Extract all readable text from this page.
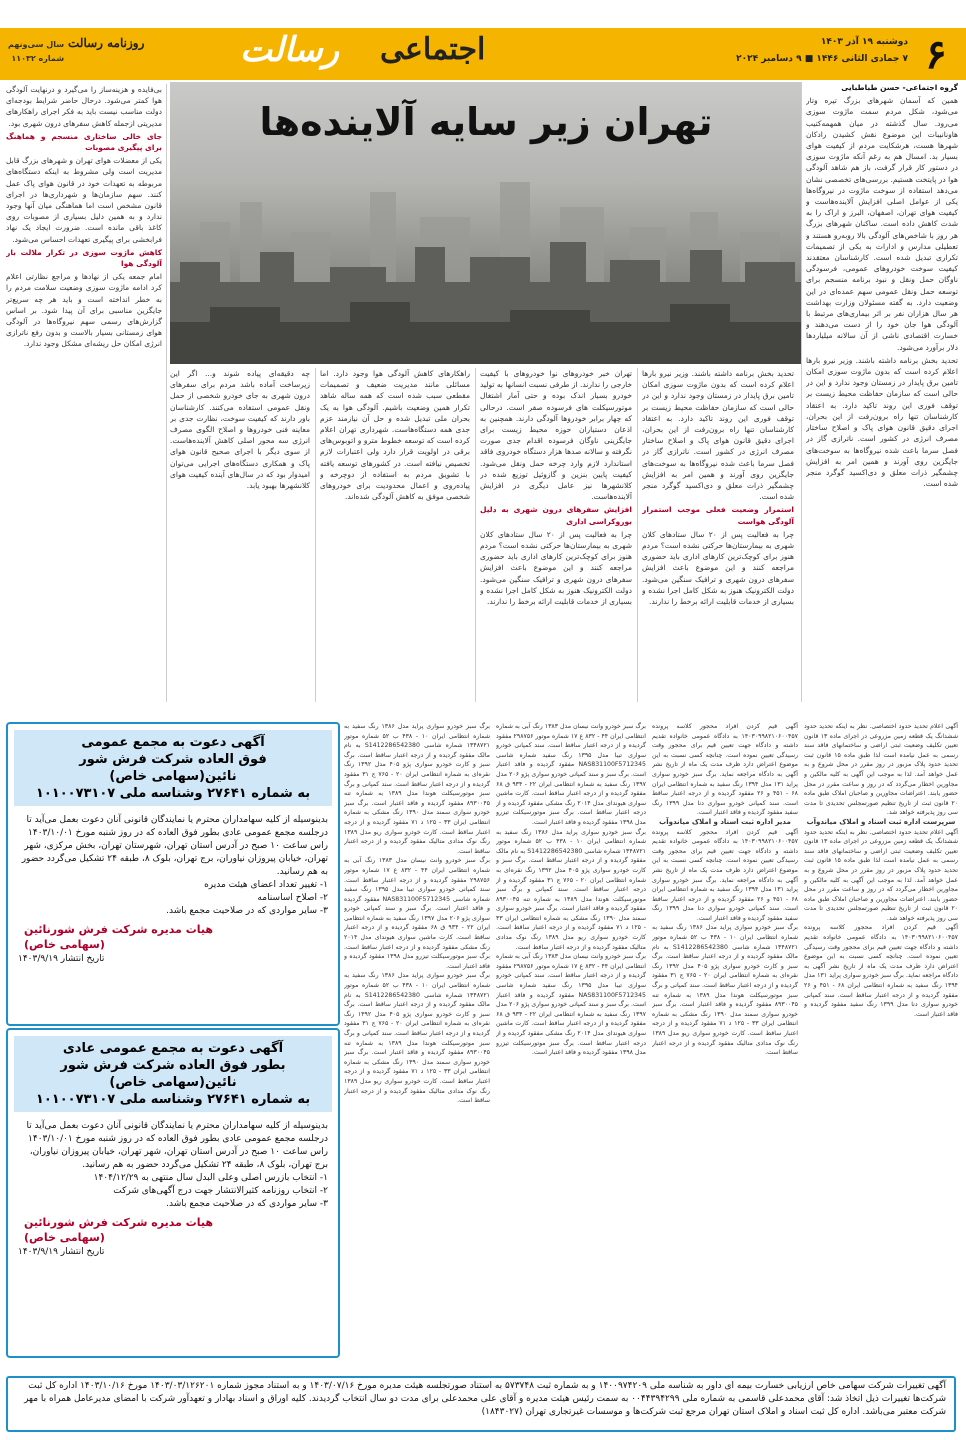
۶
دوشنبه ۱۹ آذر ۱۴۰۳
۷ جمادی الثانی ۱۴۴۶ ■ ۹ دسامبر ۲۰۲۴
اجتماعی
رسالت
روزنامه رسالت
سال سی‌ونهم
شماره ۱۱۰۳۲
تهران زیر سایه آلاینده‌ها

گروه اجتماعی- حسن طباطبایی

همین که آسمان شهرهای بزرگ تیره وتار می‌شود، شکل مردم سمت ماژوت سوزی می‌رود. سال گذشته در میان همهمه‌کتیب هاونانیبات این موضوع نقش کشیدن رادکان شهرها هست، هرشکایت مردم از کیفیت هوای بسیار بد. امسال هم به رغم آنکه ماژوت سوزی در دستور کار قرار گرفت، باز هم شاهد آلودگی هوا در پایتخت هستیم. بررسی‌های تخصصی نشان می‌دهد استفاده از سوخت ماژوت در نیروگاه‌ها یکی از عوامل اصلی افزایش آلاینده‌هاست و کیفیت هوای تهران، اصفهان، البرز و اراک را به شدت کاهش داده است. ساکنان شهرهای بزرگ هر روز با شاخص‌های آلودگی بالا روبه‌رو هستند و تعطیلی مدارس و ادارات به یکی از تصمیمات تکراری تبدیل شده است. کارشناسان معتقدند کیفیت سوخت خودروهای عمومی، فرسودگی ناوگان حمل ونقل و نبود برنامه منسجم برای توسعه حمل ونقل عمومی سهم عمده‌ای در این وضعیت دارد. به گفته مسئولان وزارت بهداشت هر سال هزاران نفر بر اثر بیماری‌های مرتبط با آلودگی هوا جان خود را از دست می‌دهند و خسارت اقتصادی ناشی از آن سالانه میلیاردها دلار برآورد می‌شود.

تحدید بخش برنامه داشته باشند. وزیر نیرو بارها اعلام کرده است که بدون ماژوت سوزی امکان تامین برق پایدار در زمستان وجود ندارد و این در حالی است که سازمان حفاظت محیط زیست بر توقف فوری این روند تاکید دارد. به اعتقاد کارشناسان تنها راه برون‌رفت از این بحران، اجرای دقیق قانون هوای پاک و اصلاح ساختار مصرف انرژی در کشور است. ناترازی گاز در فصل سرما باعث شده نیروگاه‌ها به سوخت‌های جایگزین روی آورند و همین امر به افزایش چشمگیر ذرات معلق و دی‌اکسید گوگرد منجر شده است.

تحدید بخش برنامه داشته باشند. وزیر نیرو بارها اعلام کرده است که بدون ماژوت سوزی امکان تامین برق پایدار در زمستان وجود ندارد و این در حالی است که سازمان حفاظت محیط زیست بر توقف فوری این روند تاکید دارد. به اعتقاد کارشناسان تنها راه برون‌رفت از این بحران، اجرای دقیق قانون هوای پاک و اصلاح ساختار مصرف انرژی در کشور است. ناترازی گاز در فصل سرما باعث شده نیروگاه‌ها به سوخت‌های جایگزین روی آورند و همین امر به افزایش چشمگیر ذرات معلق و دی‌اکسید گوگرد منجر شده است.

استمرار وضعیت فعلی موجب استمرار آلودگی هواست

چرا به فعالیت پس از ۲۰ سال ستادهای کلان شهری به بیمارستان‌ها حرکتی نشده است؟ مردم هنوز برای کوچک‌ترین کارهای اداری باید حضوری مراجعه کنند و این موضوع باعث افزایش سفرهای درون شهری و ترافیک سنگین می‌شود. دولت الکترونیک هنوز به شکل کامل اجرا نشده و بسیاری از خدمات قابلیت ارائه برخط را ندارند.

تهران خبر خودروهای نوا خودروهای با کیفیت خارجی را ندارند. از طرفی نسبت انسانها به تولید خودرو بسیار اندک بوده و حتی آمار اشتغال موتورسیکلت های فرسوده صفر است. درحالی که چهار برابر خودروها آلودگی دارند. همچنین به اذعان دستیاران حوزه محیط زیست برای جایگزینی ناوگان فرسوده اقدام جدی صورت نگرفته و سالانه صدها هزار دستگاه خودروی فاقد استاندارد لازم وارد چرخه حمل ونقل می‌شود. کیفیت پایین بنزین و گازوئیل توزیع شده در کلانشهرها نیز عامل دیگری در افزایش آلاینده‌هاست.

افزایش سفرهای درون شهری به دلیل بوروکراسی اداری

چرا به فعالیت پس از ۲۰ سال ستادهای کلان شهری به بیمارستان‌ها حرکتی نشده است؟ مردم هنوز برای کوچک‌ترین کارهای اداری باید حضوری مراجعه کنند و این موضوع باعث افزایش سفرهای درون شهری و ترافیک سنگین می‌شود. دولت الکترونیک هنوز به شکل کامل اجرا نشده و بسیاری از خدمات قابلیت ارائه برخط را ندارند.

راهکارهای کاهش آلودگی هوا وجود دارد. اما مسائلی مانند مدیریت ضعیف و تصمیمات مقطعی سبب شده است که همه ساله شاهد تکرار همین وضعیت باشیم. آلودگی هوا به یک بحران ملی تبدیل شده و حل آن نیازمند عزم جدی همه دستگاه‌هاست. شهرداری تهران اعلام کرده است که توسعه خطوط مترو و اتوبوس‌های برقی در اولویت قرار دارد ولی اعتبارات لازم تخصیص نیافته است. در کشورهای توسعه یافته با تشویق مردم به استفاده از دوچرخه و پیاده‌روی و اعمال محدودیت برای خودروهای شخصی موفق به کاهش آلودگی شده‌اند.

چه دقیقه‌ای پیاده شوند و... اگر این زیرساخت آماده باشد مردم برای سفرهای درون شهری به جای خودرو شخصی از حمل ونقل عمومی استفاده می‌کنند. کارشناسان باور دارند که کیفیت سوخت، نظارت جدی بر معاینه فنی خودروها و اصلاح الگوی مصرف انرژی سه محور اصلی کاهش آلاینده‌هاست. از سوی دیگر با اجرای صحیح قانون هوای پاک و همکاری دستگاه‌های اجرایی می‌توان امیدوار بود که در سال‌های آینده کیفیت هوای کلانشهرها بهبود یابد.

بی‌فایده و هزینه‌ساز را می‌گیرد و درنهایت آلودگی هوا کمتر می‌شود. درحال حاضر شرایط بودجه‌ای دولت مناسب نیست باید به فکر اجرای راهکارهای مدیریتی ازجمله کاهش سفرهای درون شهری بود.

جای خالی ساختاری منسجم و هماهنگ برای پیگیری مصوبات

یکی از معضلات هوای تهران و شهرهای بزرگ قابل مدیریت است ولی مشروط به اینکه دستگاه‌های مربوطه به تعهدات خود در قانون هوای پاک عمل کنند. سهم سازمان‌ها و شهرداری‌ها در اجرای قانون مشخص است اما هماهنگی میان آنها وجود ندارد و به همین دلیل بسیاری از مصوبات روی کاغذ باقی مانده است. ضرورت ایجاد یک نهاد فرابخشی برای پیگیری تعهدات احساس می‌شود.

کاهش ماژوت سوزی در تکرار ملالت بار آلودگی هوا

امام جمعه یکی از نهادها و مراجع نظارتی اعلام کرد ادامه ماژوت سوزی وضعیت سلامت مردم را به خطر انداخته است و باید هر چه سریع‌تر جایگزین مناسبی برای آن پیدا شود. بر اساس گزارش‌های رسمی سهم نیروگاه‌ها در آلودگی هوای زمستانی بسیار بالاست و بدون رفع ناترازی انرژی امکان حل ریشه‌ای مشکل وجود ندارد.

آگهی دعوت به مجمع عمومی
فوق العاده شرکت فرش شور
نائین(سهامی خاص)
به شماره ۲۷۶۴۱ وشناسه ملی ۱۰۱۰۰۷۳۱۰۷
بدینوسیله از کلیه سهامداران محترم یا نمایندگان قانونی آنان دعوت بعمل می‌آید تا درجلسه مجمع عمومی عادی بطور فوق العاده که در روز شنبه مورخ ۱۴۰۳/۱۰/۰۱ راس ساعت ۱۰ صبح در آدرس استان تهران، شهرستان تهران، بخش مرکزی، شهر تهران، خیابان پیروزان نیاوران، برج تهران، بلوک ۸، طبقه ۲۴ تشکیل می‌گردد حضور به هم رسانید.
۱- تغییر تعداد اعضای هیئت مدیره
۲- اصلاح اساسنامه
۳- سایر مواردی که در صلاحیت مجمع باشد.
هیات مدیره شرکت فرش شورنائین
(سهامی خاص)
تاریخ انتشار ۱۴۰۳/۹/۱۹
آگهی دعوت به مجمع عمومی عادی
بطور فوق العاده شرکت فرش شور
نائین(سهامی خاص)
به شماره ۲۷۶۴۱ وشناسه ملی ۱۰۱۰۰۷۳۱۰۷
بدینوسیله از کلیه سهامداران محترم یا نمایندگان قانونی آنان دعوت بعمل می‌آید تا درجلسه مجمع عمومی عادی بطور فوق العاده که در روز شنبه مورخ ۱۴۰۳/۱۰/۰۱ راس ساعت ۱۰ صبح در آدرس استان تهران، شهر تهران، خیابان پیروزان نیاوران، برج تهران، بلوک ۸، طبقه ۲۴ تشکیل می‌گردد حضور به هم رسانید.
۱- انتخاب بازرس اصلی وعلی البدل سال منتهی به ۱۴۰۴/۱۲/۲۹
۲- انتخاب روزنامه کثیرالانتشار جهت درج آگهی‌های شرکت
۳- سایر مواردی که در صلاحیت مجمع باشد.
هیات مدیره شرکت فرش شورنائین
(سهامی خاص)
تاریخ انتشار ۱۴۰۳/۹/۱۹
برگ سبز خودرو سواری پراید مدل ۱۳۸۶ رنگ سفید به شماره انتظامی ایران ۱۰ - ۴۳۸ ب ۵۲ شماره موتور ۱۳۴۸۷۲۱ شماره شاسی S1412286542380 به نام مالک مفقود گردیده و از درجه اعتبار ساقط است. برگ سبز و کارت خودرو سواری پژو ۴۰۵ مدل ۱۳۹۲ رنگ نقره‌ای به شماره انتظامی ایران ۲۰ - ۷۶۵ ج ۳۱ مفقود گردیده و از درجه اعتبار ساقط است. سند کمپانی و برگ سبز موتورسیکلت هوندا مدل ۱۳۸۹ به شماره تنه ۸۹۳۰۰۴۵ مفقود گردیده و فاقد اعتبار است. برگ سبز خودرو سواری سمند مدل ۱۳۹۰ رنگ مشکی به شماره انتظامی ایران ۳۳ - ۱۲۵ د ۷۱ مفقود گردیده و از درجه اعتبار ساقط است. کارت خودرو سواری ریو مدل ۱۳۸۹ رنگ نوک مدادی متالیک مفقود گردیده و از درجه اعتبار ساقط است.
برگ سبز خودرو وانت نیسان مدل ۱۳۸۳ رنگ آبی به شماره انتظامی ایران ۴۴ - ۸۳۲ ع ۱۷ شماره موتور ۲۹۸۷۵۶ مفقود گردیده و از درجه اعتبار ساقط است. سند کمپانی خودرو سواری تیبا مدل ۱۳۹۵ رنگ سفید شماره شاسی NAS831100F5712345 مفقود گردیده و فاقد اعتبار است. برگ سبز و سند کمپانی خودرو سواری پژو ۲۰۶ مدل ۱۳۹۷ رنگ سفید به شماره انتظامی ایران ۲۲ - ۹۳۴ ق ۶۸ مفقود گردیده و از درجه اعتبار ساقط است. کارت ماشین سواری هیوندای مدل ۲۰۱۴ رنگ مشکی مفقود گردیده و از درجه اعتبار ساقط است. برگ سبز موتورسیکلت تیزرو مدل ۱۳۹۸ مفقود گردیده و فاقد اعتبار است.
برگ سبز خودرو سواری پراید مدل ۱۳۸۶ رنگ سفید به شماره انتظامی ایران ۱۰ - ۴۳۸ ب ۵۲ شماره موتور ۱۳۴۸۷۲۱ شماره شاسی S1412286542380 به نام مالک مفقود گردیده و از درجه اعتبار ساقط است. برگ سبز و کارت خودرو سواری پژو ۴۰۵ مدل ۱۳۹۲ رنگ نقره‌ای به شماره انتظامی ایران ۲۰ - ۷۶۵ ج ۳۱ مفقود گردیده و از درجه اعتبار ساقط است. سند کمپانی و برگ سبز موتورسیکلت هوندا مدل ۱۳۸۹ به شماره تنه ۸۹۳۰۰۴۵ مفقود گردیده و فاقد اعتبار است. برگ سبز خودرو سواری سمند مدل ۱۳۹۰ رنگ مشکی به شماره انتظامی ایران ۳۳ - ۱۲۵ د ۷۱ مفقود گردیده و از درجه اعتبار ساقط است. کارت خودرو سواری ریو مدل ۱۳۸۹ رنگ نوک مدادی متالیک مفقود گردیده و از درجه اعتبار ساقط است.
برگ سبز خودرو وانت نیسان مدل ۱۳۸۳ رنگ آبی به شماره انتظامی ایران ۴۴ - ۸۳۲ ع ۱۷ شماره موتور ۲۹۸۷۵۶ مفقود گردیده و از درجه اعتبار ساقط است. سند کمپانی خودرو سواری تیبا مدل ۱۳۹۵ رنگ سفید شماره شاسی NAS831100F5712345 مفقود گردیده و فاقد اعتبار است. برگ سبز و سند کمپانی خودرو سواری پژو ۲۰۶ مدل ۱۳۹۷ رنگ سفید به شماره انتظامی ایران ۲۲ - ۹۳۴ ق ۶۸ مفقود گردیده و از درجه اعتبار ساقط است. کارت ماشین سواری هیوندای مدل ۲۰۱۴ رنگ مشکی مفقود گردیده و از درجه اعتبار ساقط است. برگ سبز موتورسیکلت تیزرو مدل ۱۳۹۸ مفقود گردیده و فاقد اعتبار است.
برگ سبز خودرو سواری پراید مدل ۱۳۸۶ رنگ سفید به شماره انتظامی ایران ۱۰ - ۴۳۸ ب ۵۲ شماره موتور ۱۳۴۸۷۲۱ شماره شاسی S1412286542380 به نام مالک مفقود گردیده و از درجه اعتبار ساقط است. برگ سبز و کارت خودرو سواری پژو ۴۰۵ مدل ۱۳۹۲ رنگ نقره‌ای به شماره انتظامی ایران ۲۰ - ۷۶۵ ج ۳۱ مفقود گردیده و از درجه اعتبار ساقط است. سند کمپانی و برگ سبز موتورسیکلت هوندا مدل ۱۳۸۹ به شماره تنه ۸۹۳۰۰۴۵ مفقود گردیده و فاقد اعتبار است. برگ سبز خودرو سواری سمند مدل ۱۳۹۰ رنگ مشکی به شماره انتظامی ایران ۳۳ - ۱۲۵ د ۷۱ مفقود گردیده و از درجه اعتبار ساقط است. کارت خودرو سواری ریو مدل ۱۳۸۹ رنگ نوک مدادی متالیک مفقود گردیده و از درجه اعتبار ساقط است.
برگ سبز خودرو وانت نیسان مدل ۱۳۸۳ رنگ آبی به شماره انتظامی ایران ۴۴ - ۸۳۲ ع ۱۷ شماره موتور ۲۹۸۷۵۶ مفقود گردیده و از درجه اعتبار ساقط است. سند کمپانی خودرو سواری تیبا مدل ۱۳۹۵ رنگ سفید شماره شاسی NAS831100F5712345 مفقود گردیده و فاقد اعتبار است. برگ سبز و سند کمپانی خودرو سواری پژو ۲۰۶ مدل ۱۳۹۷ رنگ سفید به شماره انتظامی ایران ۲۲ - ۹۳۴ ق ۶۸ مفقود گردیده و از درجه اعتبار ساقط است. کارت ماشین سواری هیوندای مدل ۲۰۱۴ رنگ مشکی مفقود گردیده و از درجه اعتبار ساقط است. برگ سبز موتورسیکلت تیزرو مدل ۱۳۹۸ مفقود گردیده و فاقد اعتبار است.
آگهی قیم کردن افراد محجور کلاسه پرونده ۱۴۰۳۰۹۹۸۲۱۰۶۰۰۴۵۷ به دادگاه عمومی خانواده تقدیم داشته و دادگاه جهت تعیین قیم برای محجور وقت رسیدگی تعیین نموده است. چنانچه کسی نسبت به این موضوع اعتراض دارد ظرف مدت یک ماه از تاریخ نشر آگهی به دادگاه مراجعه نماید. برگ سبز خودرو سواری پراید ۱۳۱ مدل ۱۳۹۴ رنگ سفید به شماره انتظامی ایران ۶۸ - ۴۵۱ و ۲۶ مفقود گردیده و از درجه اعتبار ساقط است. سند کمپانی خودرو سواری دنا مدل ۱۳۹۹ رنگ سفید مفقود گردیده و فاقد اعتبار است.
مدیر اداره ثبت اسناد و املاک میاندوآب
آگهی قیم کردن افراد محجور کلاسه پرونده ۱۴۰۳۰۹۹۸۲۱۰۶۰۰۴۵۷ به دادگاه عمومی خانواده تقدیم داشته و دادگاه جهت تعیین قیم برای محجور وقت رسیدگی تعیین نموده است. چنانچه کسی نسبت به این موضوع اعتراض دارد ظرف مدت یک ماه از تاریخ نشر آگهی به دادگاه مراجعه نماید. برگ سبز خودرو سواری پراید ۱۳۱ مدل ۱۳۹۴ رنگ سفید به شماره انتظامی ایران ۶۸ - ۴۵۱ و ۲۶ مفقود گردیده و از درجه اعتبار ساقط است. سند کمپانی خودرو سواری دنا مدل ۱۳۹۹ رنگ سفید مفقود گردیده و فاقد اعتبار است.
برگ سبز خودرو سواری پراید مدل ۱۳۸۶ رنگ سفید به شماره انتظامی ایران ۱۰ - ۴۳۸ ب ۵۲ شماره موتور ۱۳۴۸۷۲۱ شماره شاسی S1412286542380 به نام مالک مفقود گردیده و از درجه اعتبار ساقط است. برگ سبز و کارت خودرو سواری پژو ۴۰۵ مدل ۱۳۹۲ رنگ نقره‌ای به شماره انتظامی ایران ۲۰ - ۷۶۵ ج ۳۱ مفقود گردیده و از درجه اعتبار ساقط است. سند کمپانی و برگ سبز موتورسیکلت هوندا مدل ۱۳۸۹ به شماره تنه ۸۹۳۰۰۴۵ مفقود گردیده و فاقد اعتبار است. برگ سبز خودرو سواری سمند مدل ۱۳۹۰ رنگ مشکی به شماره انتظامی ایران ۳۳ - ۱۲۵ د ۷۱ مفقود گردیده و از درجه اعتبار ساقط است. کارت خودرو سواری ریو مدل ۱۳۸۹ رنگ نوک مدادی متالیک مفقود گردیده و از درجه اعتبار ساقط است.
آگهی اعلام تحدید حدود اختصاصی. نظر به اینکه تحدید حدود ششدانگ یک قطعه زمین مزروعی در اجرای ماده ۱۳ قانون تعیین تکلیف وضعیت ثبتی اراضی و ساختمانهای فاقد سند رسمی به عمل نیامده است لذا طبق ماده ۱۵ قانون ثبت تحدید حدود پلاک مزبور در روز مقرر در محل شروع و به عمل خواهد آمد. لذا به موجب این آگهی به کلیه مالکین و مجاورین اخطار می‌گردد که در روز و ساعت مقرر در محل حضور یابند. اعتراضات مجاورین و صاحبان املاک طبق ماده ۲۰ قانون ثبت از تاریخ تنظیم صورتمجلس تحدیدی تا مدت سی روز پذیرفته خواهد شد.
سرپرست اداره ثبت اسناد و املاک میاندوآب
آگهی اعلام تحدید حدود اختصاصی. نظر به اینکه تحدید حدود ششدانگ یک قطعه زمین مزروعی در اجرای ماده ۱۳ قانون تعیین تکلیف وضعیت ثبتی اراضی و ساختمانهای فاقد سند رسمی به عمل نیامده است لذا طبق ماده ۱۵ قانون ثبت تحدید حدود پلاک مزبور در روز مقرر در محل شروع و به عمل خواهد آمد. لذا به موجب این آگهی به کلیه مالکین و مجاورین اخطار می‌گردد که در روز و ساعت مقرر در محل حضور یابند. اعتراضات مجاورین و صاحبان املاک طبق ماده ۲۰ قانون ثبت از تاریخ تنظیم صورتمجلس تحدیدی تا مدت سی روز پذیرفته خواهد شد.
آگهی قیم کردن افراد محجور کلاسه پرونده ۱۴۰۳۰۹۹۸۲۱۰۶۰۰۴۵۷ به دادگاه عمومی خانواده تقدیم داشته و دادگاه جهت تعیین قیم برای محجور وقت رسیدگی تعیین نموده است. چنانچه کسی نسبت به این موضوع اعتراض دارد ظرف مدت یک ماه از تاریخ نشر آگهی به دادگاه مراجعه نماید. برگ سبز خودرو سواری پراید ۱۳۱ مدل ۱۳۹۴ رنگ سفید به شماره انتظامی ایران ۶۸ - ۴۵۱ و ۲۶ مفقود گردیده و از درجه اعتبار ساقط است. سند کمپانی خودرو سواری دنا مدل ۱۳۹۹ رنگ سفید مفقود گردیده و فاقد اعتبار است.
آگهی تغییرات شرکت سهامی خاص ارزیابی خسارت بیمه ای داور به شناسه ملی ۱۴۰۰۹۷۴۲۰۹ و به شماره ثبت ۵۷۳۷۴۸ به استناد صورتجلسه هیئت مدیره مورخ ۱۴۰۳/۰۷/۱۶ و به استناد مجوز شماره ۱۴۰۳/۰۳/۱۲۶۲۰۱ مورخ ۱۴۰۳/۱۰/۱۶ اداره کل ثبت شرکت‌ها تغییرات ذیل اتخاذ شد: آقای محمدعلی قاسمی به شماره ملی ۰۰۴۴۳۹۴۲۹۹ به سمت رئیس هیئت مدیره و آقای علی محمدعلی برای مدت دو سال انتخاب گردیدند. کلیه اوراق و اسناد بهادار و تعهدآور شرکت با امضای مدیرعامل همراه با مهر شرکت معتبر می‌باشد. اداره کل ثبت اسناد و املاک استان تهران مرجع ثبت شرکت‌ها و موسسات غیرتجاری تهران (۱۸۴۳۰۲۷)
